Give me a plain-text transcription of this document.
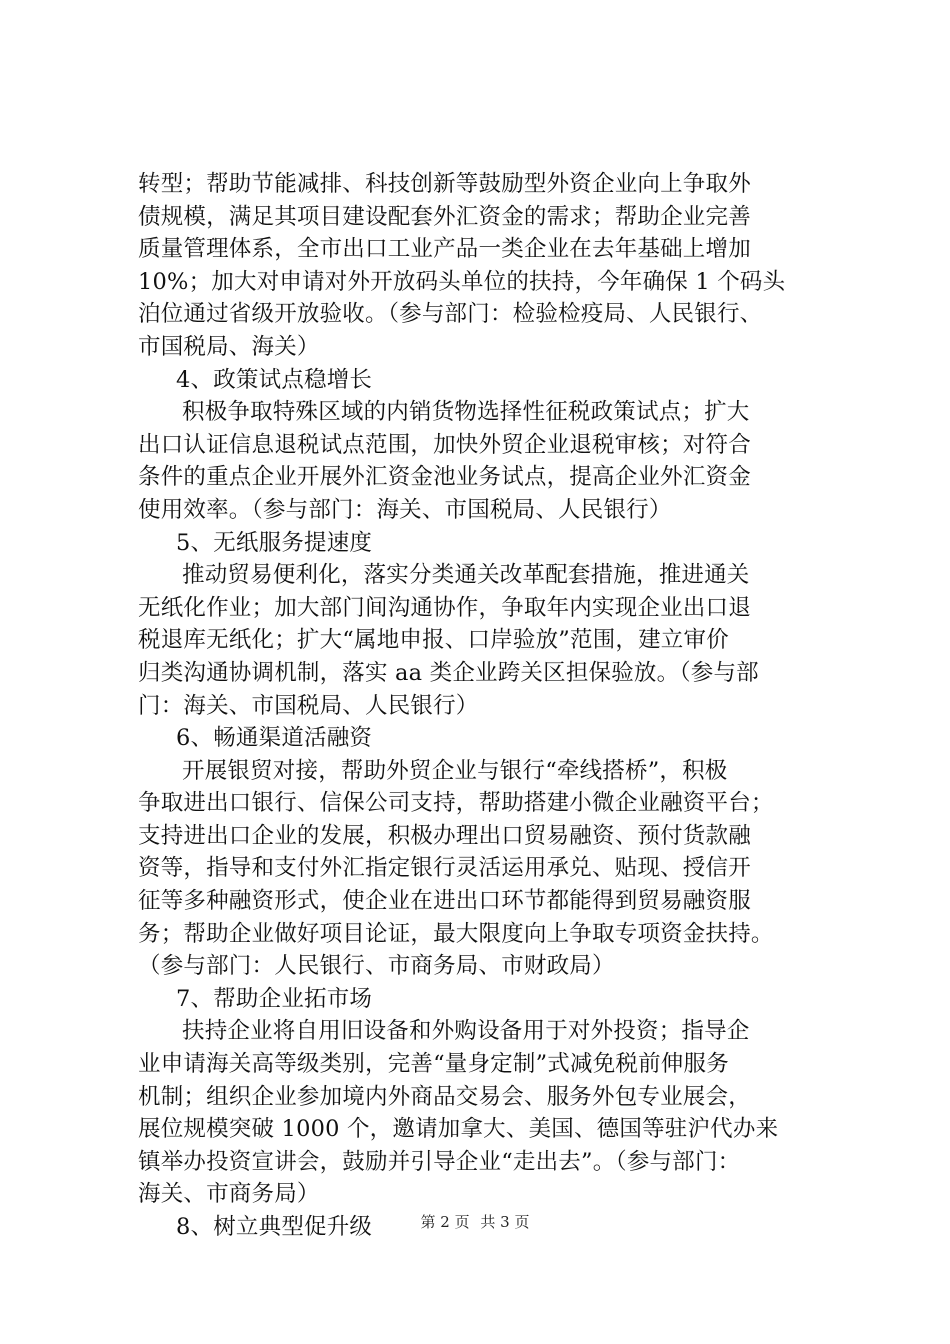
转型；帮助节能减排、科技创新等鼓励型外资企业向上争取外
债规模，满足其项目建设配套外汇资金的需求；帮助企业完善
质量管理体系，全市出口工业产品一类企业在去年基础上增加
10%；加大对申请对外开放码头单位的扶持，今年确保 1 个码头
泊位通过省级开放验收。（参与部门：检验检疫局、人民银行、
市国税局、海关）
4、政策试点稳增长
积极争取特殊区域的内销货物选择性征税政策试点；扩大
出口认证信息退税试点范围，加快外贸企业退税审核；对符合
条件的重点企业开展外汇资金池业务试点，提高企业外汇资金
使用效率。（参与部门：海关、市国税局、人民银行）
5、无纸服务提速度
推动贸易便利化，落实分类通关改革配套措施，推进通关
无纸化作业；加大部门间沟通协作，争取年内实现企业出口退
税退库无纸化；扩大“属地申报、口岸验放”范围，建立审价
归类沟通协调机制，落实 aa 类企业跨关区担保验放。（参与部
门：海关、市国税局、人民银行）
6、畅通渠道活融资
开展银贸对接，帮助外贸企业与银行“牵线搭桥”，积极
争取进出口银行、信保公司支持，帮助搭建小微企业融资平台；
支持进出口企业的发展，积极办理出口贸易融资、预付货款融
资等，指导和支付外汇指定银行灵活运用承兑、贴现、授信开
征等多种融资形式，使企业在进出口环节都能得到贸易融资服
务；帮助企业做好项目论证，最大限度向上争取专项资金扶持。
（参与部门：人民银行、市商务局、市财政局）
7、帮助企业拓市场
扶持企业将自用旧设备和外购设备用于对外投资；指导企
业申请海关高等级类别，完善“量身定制”式减免税前伸服务
机制；组织企业参加境内外商品交易会、服务外包专业展会，
展位规模突破 1000 个，邀请加拿大、美国、德国等驻沪代办来
镇举办投资宣讲会，鼓励并引导企业“走出去”。（参与部门：
海关、市商务局）
8、树立典型促升级	第 2 页 共 3 页
